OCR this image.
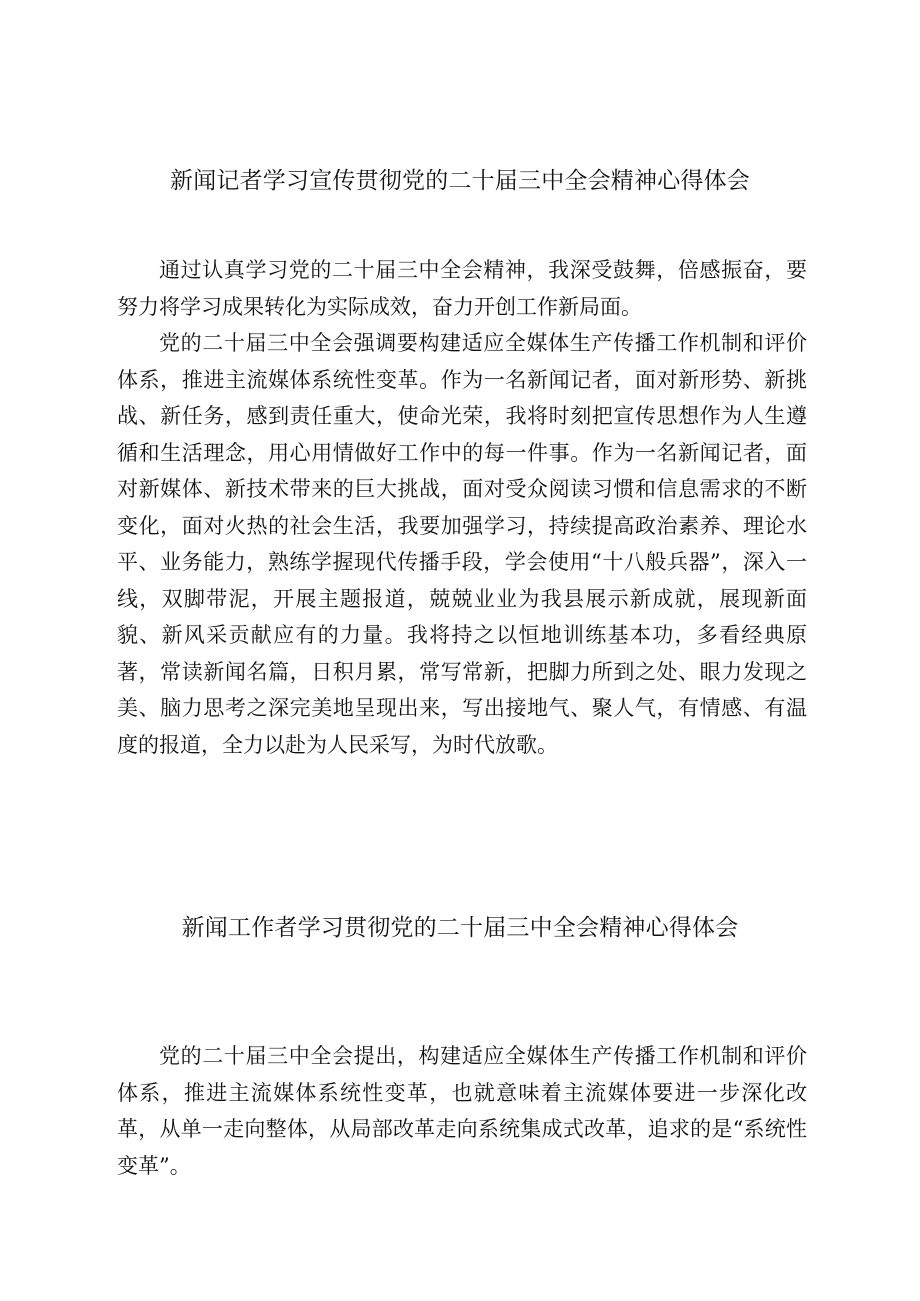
新闻记者学习宣传贯彻党的二十届三中全会精神心得体会

通过认真学习党的二十届三中全会精神，我深受鼓舞，倍感振奋，要努力将学习成果转化为实际成效，奋力开创工作新局面。

党的二十届三中全会强调要构建适应全媒体生产传播工作机制和评价体系，推进主流媒体系统性变革。作为一名新闻记者，面对新形势、新挑战、新任务，感到责任重大，使命光荣，我将时刻把宣传思想作为人生遵循和生活理念，用心用情做好工作中的每一件事。作为一名新闻记者，面对新媒体、新技术带来的巨大挑战，面对受众阅读习惯和信息需求的不断变化，面对火热的社会生活，我要加强学习，持续提高政治素养、理论水平、业务能力，熟练学握现代传播手段，学会使用“十八般兵器”，深入一线，双脚带泥，开展主题报道，兢兢业业为我县展示新成就，展现新面貌、新风采贡献应有的力量。我将持之以恒地训练基本功，多看经典原著，常读新闻名篇，日积月累，常写常新，把脚力所到之处、眼力发现之美、脑力思考之深完美地呈现出来，写出接地气、聚人气，有情感、有温度的报道，全力以赴为人民采写，为时代放歌。

新闻工作者学习贯彻党的二十届三中全会精神心得体会

党的二十届三中全会提出，构建适应全媒体生产传播工作机制和评价体系，推进主流媒体系统性变革，也就意味着主流媒体要进一步深化改革，从单一走向整体，从局部改革走向系统集成式改革，追求的是“系统性变革”。
